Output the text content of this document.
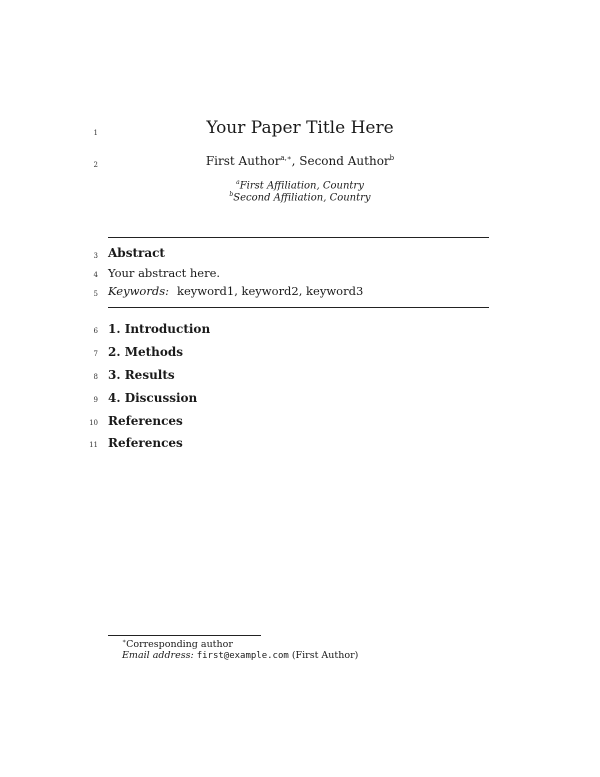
1
2
3
4
5
6
7
8
9
10
11
Your Paper Title Here
First Author$^{a,∗}$, Second Author$^b$
$^a$First Affiliation, Country
$^b$Second Affiliation, Country
Abstract
Your abstract here.
Keywords: keyword1, keyword2, keyword3
1. Introduction
2. Methods
3. Results
4. Discussion
References
References
∗Corresponding author
Email address: first@example.com (First Author)
